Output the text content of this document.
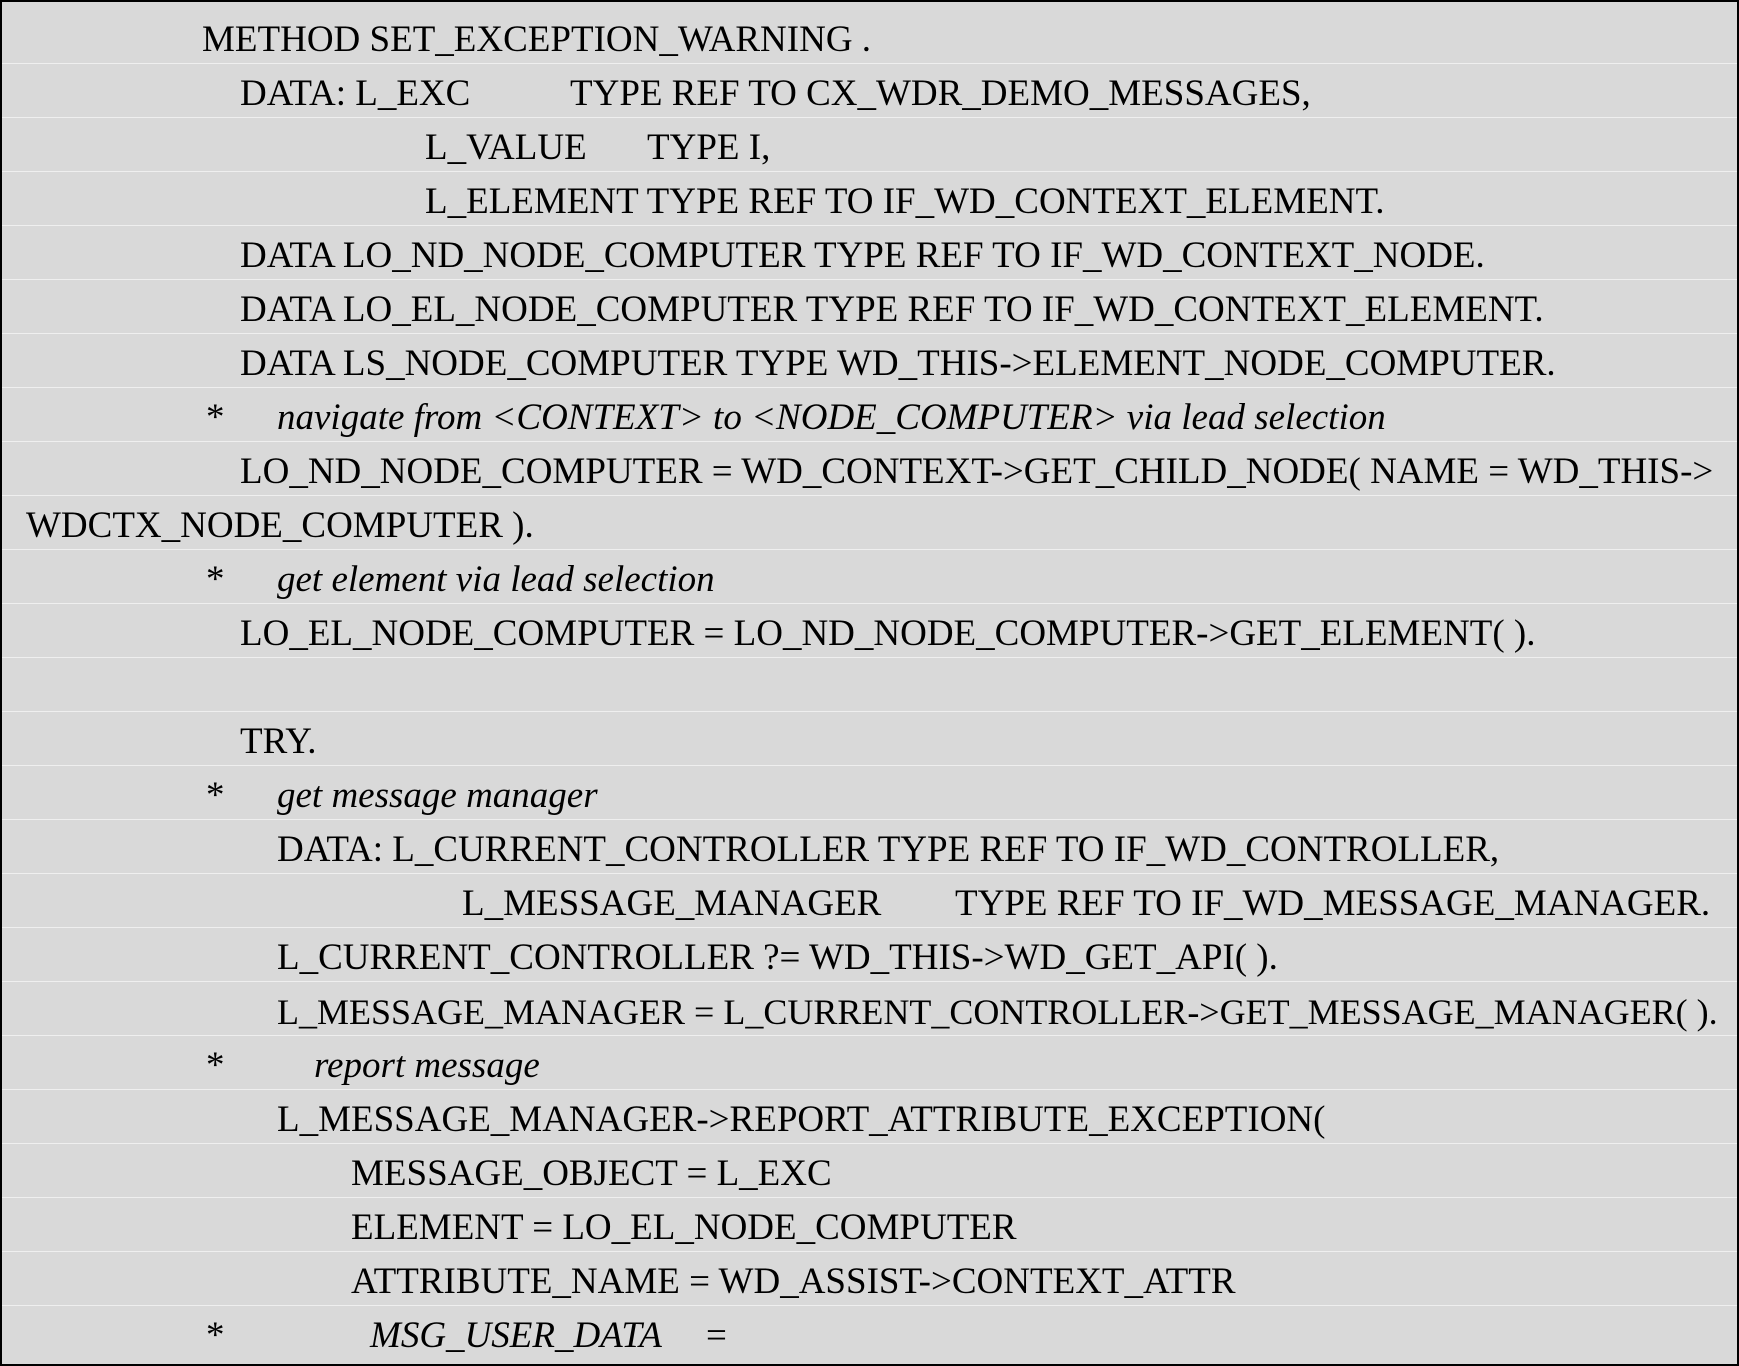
METHOD SET_EXCEPTION_WARNING .
DATA: L_EXC	TYPE REF TO CX_WDR_DEMO_MESSAGES,
L_VALUE TYPE I,
L_ELEMENT TYPE REF TO IF_WD_CONTEXT_ELEMENT.
DATA LO_ND_NODE_COMPUTER TYPE REF TO IF_WD_CONTEXT_NODE.
DATA LO_EL_NODE_COMPUTER TYPE REF TO IF_WD_CONTEXT_ELEMENT.
DATA LS_NODE_COMPUTER TYPE WD_THIS->ELEMENT_NODE_COMPUTER.
* navigate from <CONTEXT> to <NODE_COMPUTER> via lead selection
LO_ND_NODE_COMPUTER = WD_CONTEXT->GET_CHILD_NODE( NAME = WD_THIS->
WDCTX_NODE_COMPUTER ).
* get element via lead selection
LO_EL_NODE_COMPUTER = LO_ND_NODE_COMPUTER->GET_ELEMENT( ).
TRY.
* get message manager
DATA: L_CURRENT_CONTROLLER TYPE REF TO IF_WD_CONTROLLER,
L_MESSAGE_MANAGER TYPE REF TO IF_WD_MESSAGE_MANAGER.
L_CURRENT_CONTROLLER ?= WD_THIS->WD_GET_API( ).
L_MESSAGE_MANAGER = L_CURRENT_CONTROLLER->GET_MESSAGE_MANAGER( ).
* report message
L_MESSAGE_MANAGER->REPORT_ATTRIBUTE_EXCEPTION(
MESSAGE_OBJECT = L_EXC
ELEMENT = LO_EL_NODE_COMPUTER
ATTRIBUTE_NAME = WD_ASSIST->CONTEXT_ATTR
*	MSG_USER_DATA =
